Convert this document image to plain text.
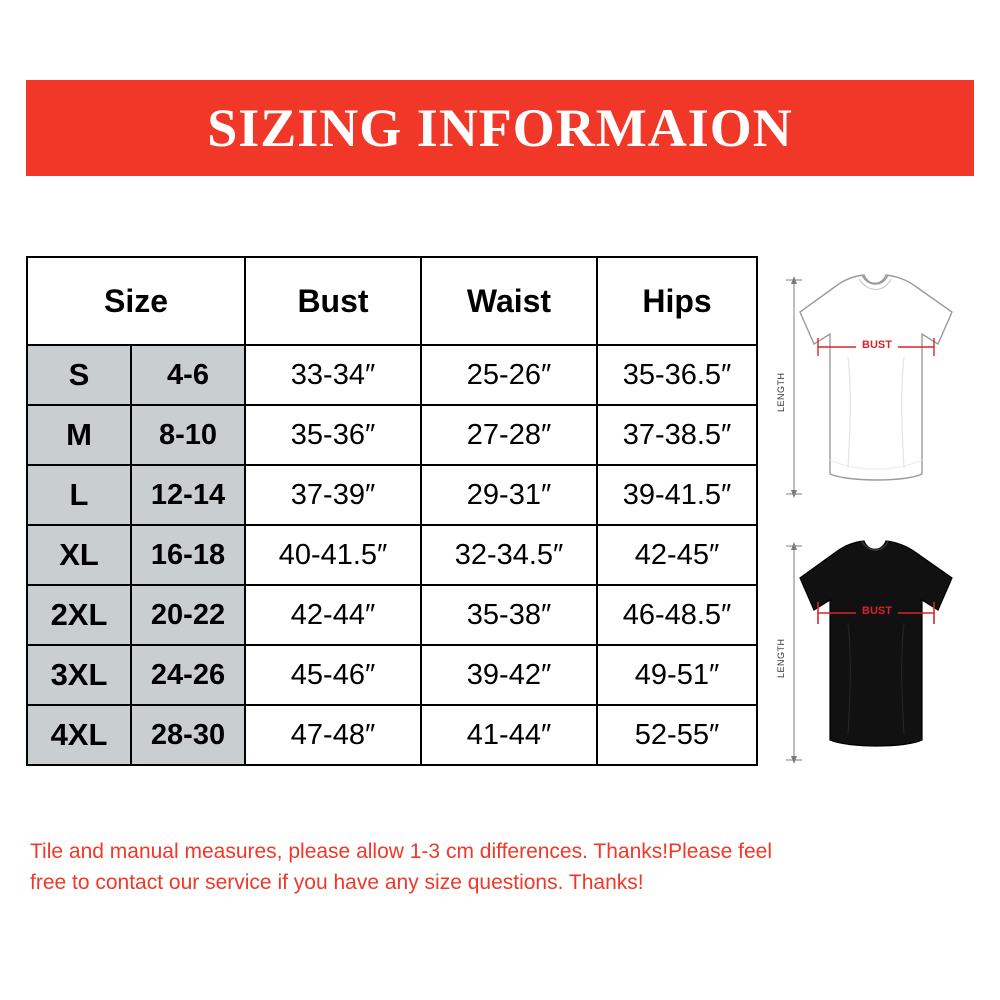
SIZING INFORMAION
Size		Bust	Waist	Hips
S	4-6	33-34″	25-26″	35-36.5″
M	8-10	35-36″	27-28″	37-38.5″
L	12-14	37-39″	29-31″	39-41.5″
XL	16-18	40-41.5″	32-34.5″	42-45″
2XL	20-22	42-44″	35-38″	46-48.5″
3XL	24-26	45-46″	39-42″	49-51″
4XL	28-30	47-48″	41-44″	52-55″
BUST
LENGTH
BUST
LENGTH
Tile and manual measures, please allow 1-3 cm differences. Thanks!Please feel
free to contact our service if you have any size questions. Thanks!
